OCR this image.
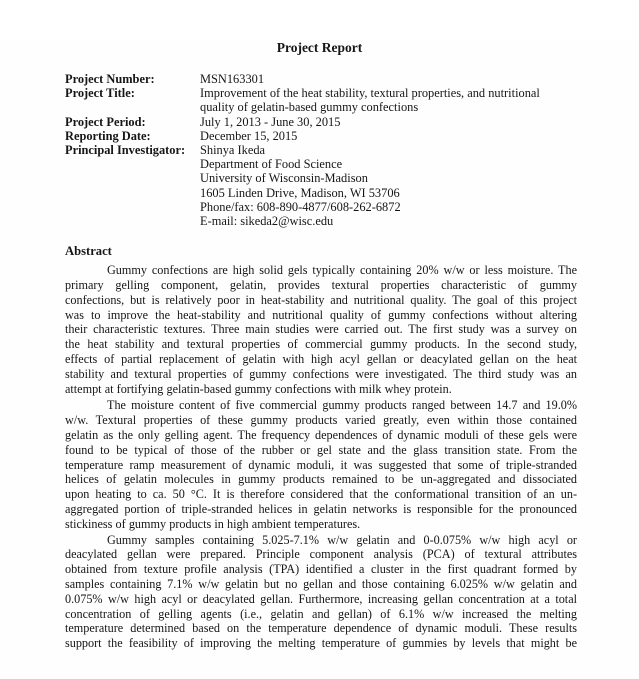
Project Report
Project Number:	MSN163301
Project Title:	Improvement of the heat stability, textural properties, and nutritional
quality of gelatin-based gummy confections
Project Period:	July 1, 2013 - June 30, 2015
Reporting Date:	December 15, 2015
Principal Investigator:	Shinya Ikeda
Department of Food Science
University of Wisconsin-Madison
1605 Linden Drive, Madison, WI 53706
Phone/fax: 608-890-4877/608-262-6872
E-mail: sikeda2@wisc.edu
Abstract
Gummy confections are high solid gels typically containing 20% w/w or less moisture. The
primary gelling component, gelatin, provides textural properties characteristic of gummy
confections, but is relatively poor in heat-stability and nutritional quality. The goal of this project
was to improve the heat-stability and nutritional quality of gummy confections without altering
their characteristic textures. Three main studies were carried out. The first study was a survey on
the heat stability and textural properties of commercial gummy products. In the second study,
effects of partial replacement of gelatin with high acyl gellan or deacylated gellan on the heat
stability and textural properties of gummy confections were investigated. The third study was an
attempt at fortifying gelatin-based gummy confections with milk whey protein.
The moisture content of five commercial gummy products ranged between 14.7 and 19.0%
w/w. Textural properties of these gummy products varied greatly, even within those contained
gelatin as the only gelling agent. The frequency dependences of dynamic moduli of these gels were
found to be typical of those of the rubber or gel state and the glass transition state. From the
temperature ramp measurement of dynamic moduli, it was suggested that some of triple-stranded
helices of gelatin molecules in gummy products remained to be un-aggregated and dissociated
upon heating to ca. 50 °C. It is therefore considered that the conformational transition of an un-
aggregated portion of triple-stranded helices in gelatin networks is responsible for the pronounced
stickiness of gummy products in high ambient temperatures.
Gummy samples containing 5.025-7.1% w/w gelatin and 0-0.075% w/w high acyl or
deacylated gellan were prepared. Principle component analysis (PCA) of textural attributes
obtained from texture profile analysis (TPA) identified a cluster in the first quadrant formed by
samples containing 7.1% w/w gelatin but no gellan and those containing 6.025% w/w gelatin and
0.075% w/w high acyl or deacylated gellan. Furthermore, increasing gellan concentration at a total
concentration of gelling agents (i.e., gelatin and gellan) of 6.1% w/w increased the melting
temperature determined based on the temperature dependence of dynamic moduli. These results
support the feasibility of improving the melting temperature of gummies by levels that might be
